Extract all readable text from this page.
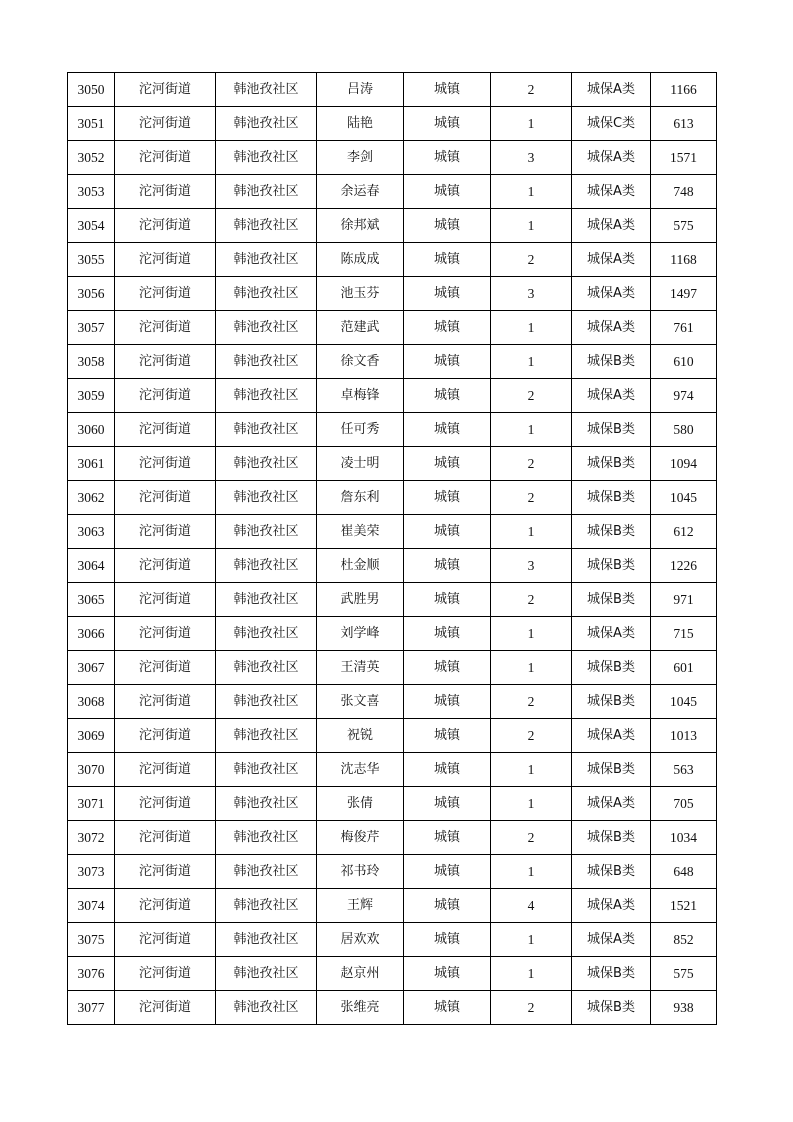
3050	沱河街道	韩池孜社区	吕涛	城镇	2	城保A类	1166
3051	沱河街道	韩池孜社区	陆艳	城镇	1	城保C类	613
3052	沱河街道	韩池孜社区	李剑	城镇	3	城保A类	1571
3053	沱河街道	韩池孜社区	余运春	城镇	1	城保A类	748
3054	沱河街道	韩池孜社区	徐邦斌	城镇	1	城保A类	575
3055	沱河街道	韩池孜社区	陈成成	城镇	2	城保A类	1168
3056	沱河街道	韩池孜社区	池玉芬	城镇	3	城保A类	1497
3057	沱河街道	韩池孜社区	范建武	城镇	1	城保A类	761
3058	沱河街道	韩池孜社区	徐文香	城镇	1	城保B类	610
3059	沱河街道	韩池孜社区	卓梅锋	城镇	2	城保A类	974
3060	沱河街道	韩池孜社区	任可秀	城镇	1	城保B类	580
3061	沱河街道	韩池孜社区	凌士明	城镇	2	城保B类	1094
3062	沱河街道	韩池孜社区	詹东利	城镇	2	城保B类	1045
3063	沱河街道	韩池孜社区	崔美荣	城镇	1	城保B类	612
3064	沱河街道	韩池孜社区	杜金顺	城镇	3	城保B类	1226
3065	沱河街道	韩池孜社区	武胜男	城镇	2	城保B类	971
3066	沱河街道	韩池孜社区	刘学峰	城镇	1	城保A类	715
3067	沱河街道	韩池孜社区	王清英	城镇	1	城保B类	601
3068	沱河街道	韩池孜社区	张文喜	城镇	2	城保B类	1045
3069	沱河街道	韩池孜社区	祝锐	城镇	2	城保A类	1013
3070	沱河街道	韩池孜社区	沈志华	城镇	1	城保B类	563
3071	沱河街道	韩池孜社区	张倩	城镇	1	城保A类	705
3072	沱河街道	韩池孜社区	梅俊芹	城镇	2	城保B类	1034
3073	沱河街道	韩池孜社区	祁书玲	城镇	1	城保B类	648
3074	沱河街道	韩池孜社区	王辉	城镇	4	城保A类	1521
3075	沱河街道	韩池孜社区	居欢欢	城镇	1	城保A类	852
3076	沱河街道	韩池孜社区	赵京州	城镇	1	城保B类	575
3077	沱河街道	韩池孜社区	张维亮	城镇	2	城保B类	938
